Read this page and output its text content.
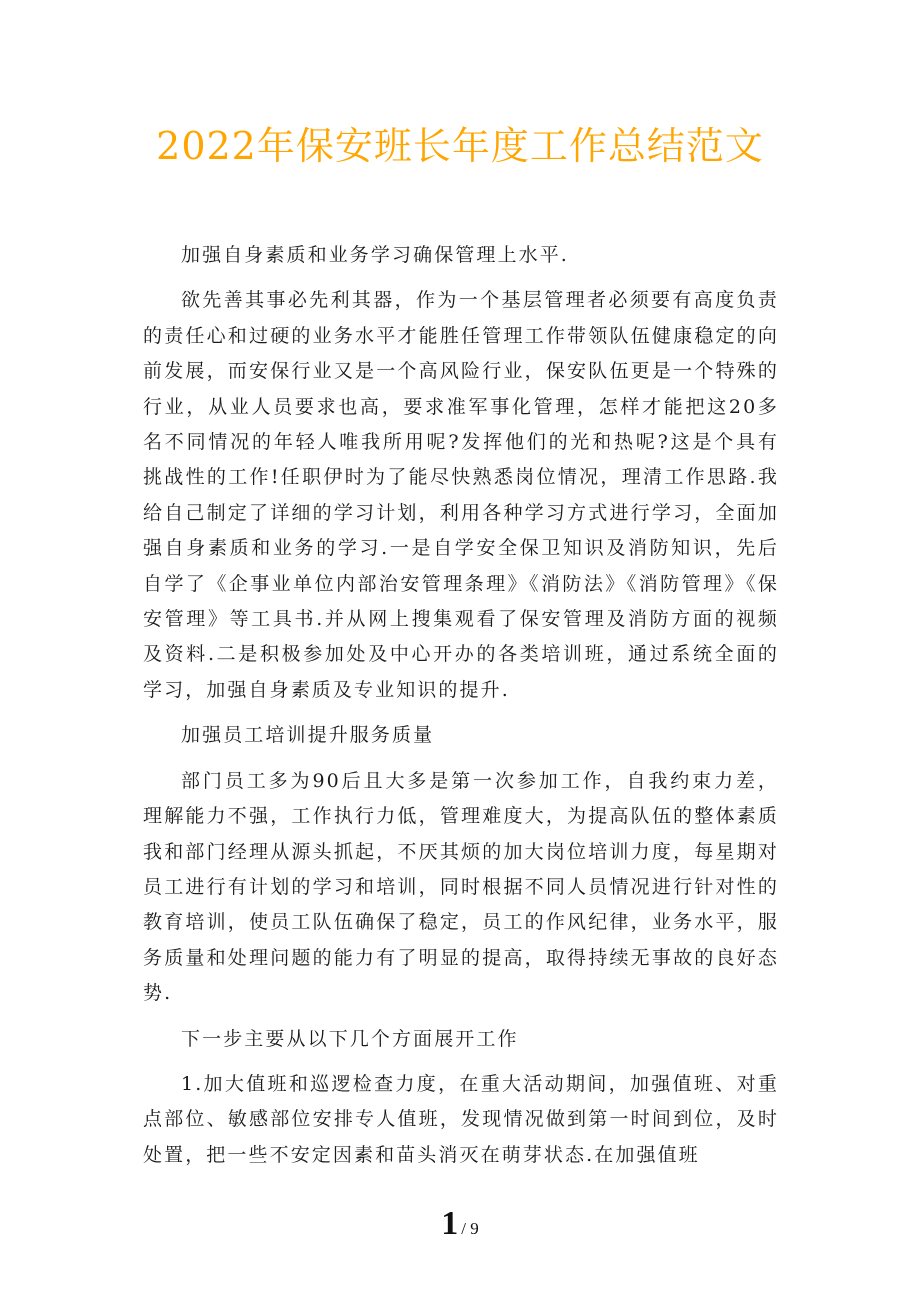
2022年保安班长年度工作总结范文

加强自身素质和业务学习确保管理上水平.

欲先善其事必先利其器，作为一个基层管理者必须要有高度负责的责任心和过硬的业务水平才能胜任管理工作带领队伍健康稳定的向前发展，而安保行业又是一个高风险行业，保安队伍更是一个特殊的行业，从业人员要求也高，要求准军事化管理，怎样才能把这20多名不同情况的年轻人唯我所用呢?发挥他们的光和热呢?这是个具有挑战性的工作!任职伊时为了能尽快熟悉岗位情况，理清工作思路.我给自己制定了详细的学习计划，利用各种学习方式进行学习，全面加强自身素质和业务的学习.一是自学安全保卫知识及消防知识，先后自学了《企事业单位内部治安管理条理》《消防法》《消防管理》《保安管理》等工具书.并从网上搜集观看了保安管理及消防方面的视频及资料.二是积极参加处及中心开办的各类培训班，通过系统全面的学习，加强自身素质及专业知识的提升.

加强员工培训提升服务质量

部门员工多为90后且大多是第一次参加工作，自我约束力差，理解能力不强，工作执行力低，管理难度大，为提高队伍的整体素质我和部门经理从源头抓起，不厌其烦的加大岗位培训力度，每星期对员工进行有计划的学习和培训，同时根据不同人员情况进行针对性的教育培训，使员工队伍确保了稳定，员工的作风纪律，业务水平，服务质量和处理问题的能力有了明显的提高，取得持续无事故的良好态势.

下一步主要从以下几个方面展开工作

1.加大值班和巡逻检查力度，在重大活动期间，加强值班、对重点部位、敏感部位安排专人值班，发现情况做到第一时间到位，及时处置，把一些不安定因素和苗头消灭在萌芽状态.在加强值班

1 / 9
